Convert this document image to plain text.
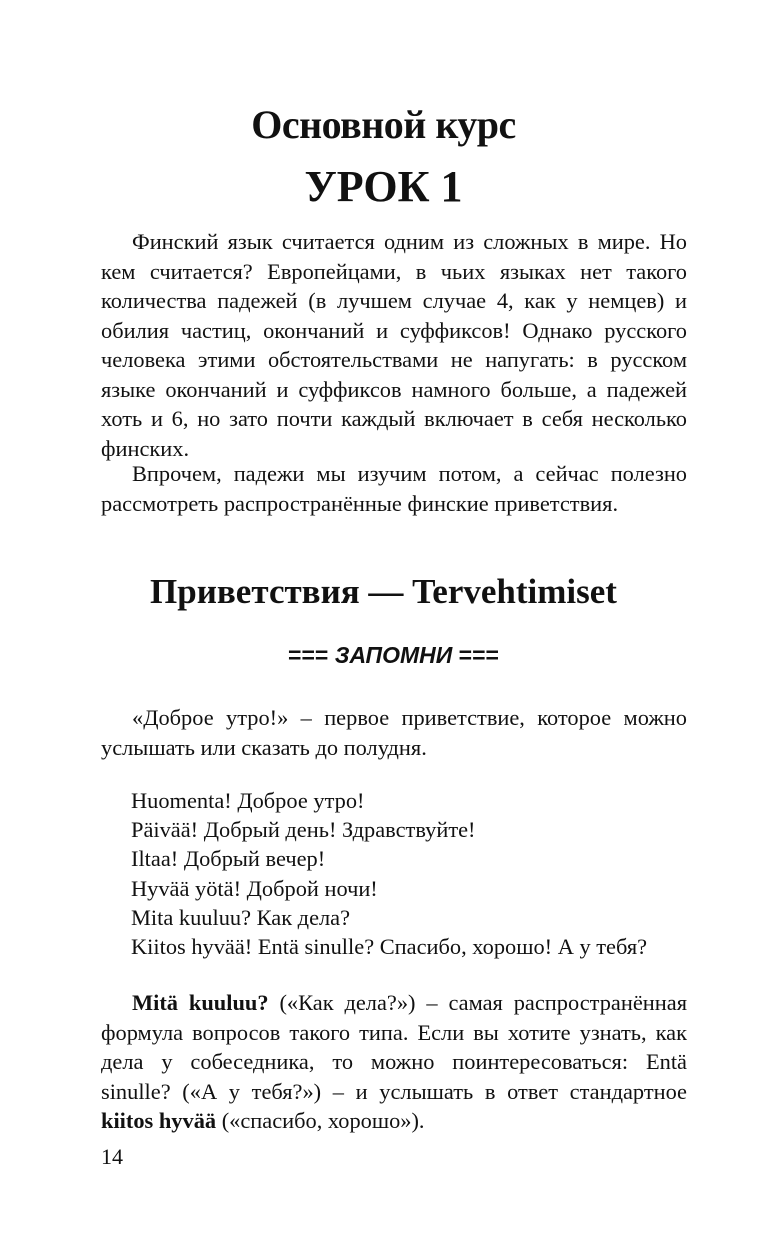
Основной курс
УРОК 1

Финский язык считается одним из сложных в мире. Но кем считается? Европейцами, в чьих языках нет такого количества падежей (в лучшем случае 4, как у немцев) и обилия частиц, окончаний и суффиксов! Однако русского человека этими обстоятельствами не напугать: в русском языке окончаний и суффиксов намного больше, а падежей хоть и 6, но зато почти каждый включает в себя несколько финских.

Впрочем, падежи мы изучим потом, а сейчас полезно рассмотреть распространённые финские приветствия.

Приветствия — Tervehtimiset
=== ЗАПОМНИ ===

«Доброе утро!» – первое приветствие, которое можно услышать или сказать до полудня.

Huomenta! Доброе утро!
Päivää! Добрый день! Здравствуйте!
Iltaa! Добрый вечер!
Hyvää yötä! Доброй ночи!
Mita kuuluu? Как дела?
Kiitos hyvää! Entä sinulle? Спасибо, хорошо! А у тебя?

Mitä kuuluu? («Как дела?») – самая распространённая формула вопросов такого типа. Если вы хотите узнать, как дела у собеседника, то можно поинтересоваться: Entä sinulle? («А у тебя?») – и услышать в ответ стандартное kiitos hyvää («спасибо, хорошо»).

14
